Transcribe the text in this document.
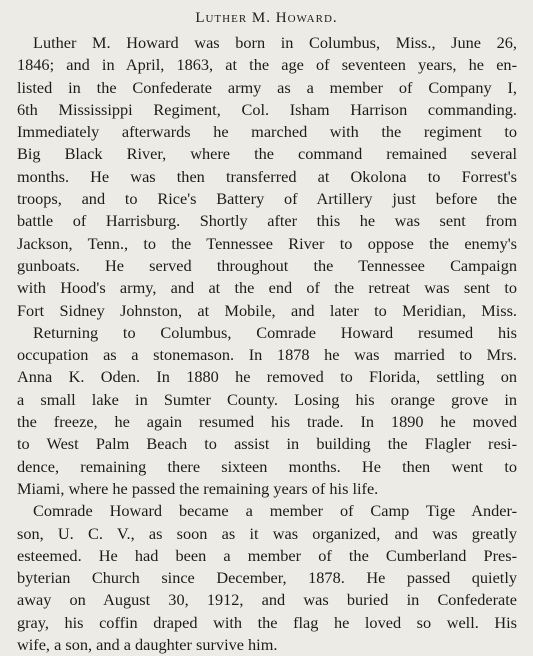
Luther M. Howard.
Luther M. Howard was born in Columbus, Miss., June 26,
1846; and in April, 1863, at the age of seventeen years, he en-
listed in the Confederate army as a member of Company I,
6th Mississippi Regiment, Col. Isham Harrison commanding.
Immediately afterwards he marched with the regiment to
Big Black River, where the command remained several
months. He was then transferred at Okolona to Forrest's
troops, and to Rice's Battery of Artillery just before the
battle of Harrisburg. Shortly after this he was sent from
Jackson, Tenn., to the Tennessee River to oppose the enemy's
gunboats. He served throughout the Tennessee Campaign
with Hood's army, and at the end of the retreat was sent to
Fort Sidney Johnston, at Mobile, and later to Meridian, Miss.
Returning to Columbus, Comrade Howard resumed his
occupation as a stonemason. In 1878 he was married to Mrs.
Anna K. Oden. In 1880 he removed to Florida, settling on
a small lake in Sumter County. Losing his orange grove in
the freeze, he again resumed his trade. In 1890 he moved
to West Palm Beach to assist in building the Flagler resi-
dence, remaining there sixteen months. He then went to
Miami, where he passed the remaining years of his life.
Comrade Howard became a member of Camp Tige Ander-
son, U. C. V., as soon as it was organized, and was greatly
esteemed. He had been a member of the Cumberland Pres-
byterian Church since December, 1878. He passed quietly
away on August 30, 1912, and was buried in Confederate
gray, his coffin draped with the flag he loved so well. His
wife, a son, and a daughter survive him.
